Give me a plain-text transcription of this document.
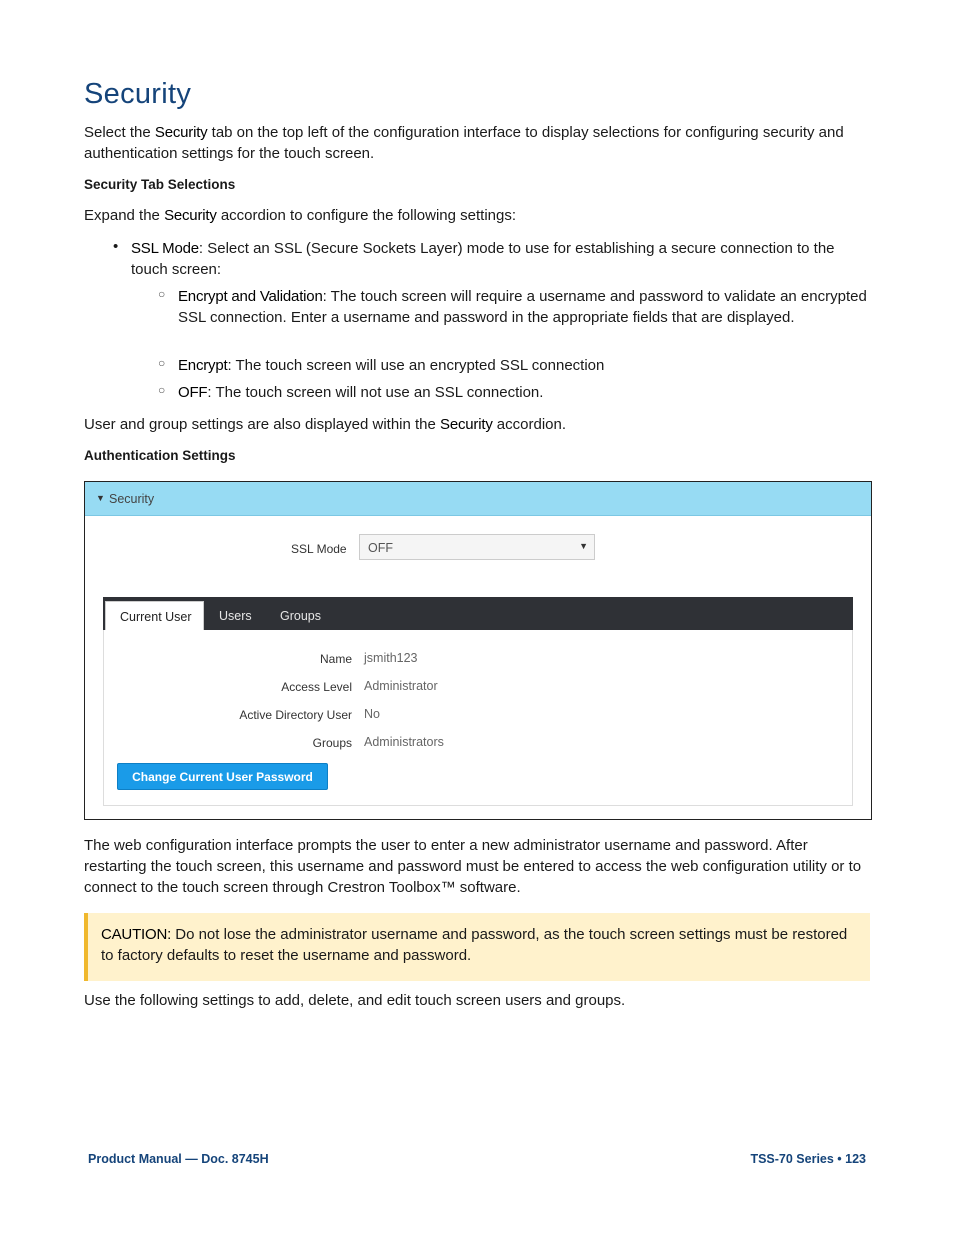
Security

Select the Security tab on the top left of the configuration interface to display selections for configuring security and authentication settings for the touch screen.

Security Tab Selections

Expand the Security accordion to configure the following settings:

• SSL Mode: Select an SSL (Secure Sockets Layer) mode to use for establishing a secure connection to the touch screen:

○ Encrypt and Validation: The touch screen will require a username and password to validate an encrypted SSL connection. Enter a username and password in the appropriate fields that are displayed.

○ Encrypt: The touch screen will use an encrypted SSL connection

○ OFF: The touch screen will not use an SSL connection.

User and group settings are also displayed within the Security accordion.

Authentication Settings
▼ Security
SSL Mode OFF	▼
Current User Users Groups
Name jsmith123
Access Level Administrator
Active Directory User No
Groups Administrators
Change Current User Password

The web configuration interface prompts the user to enter a new administrator username and password. After restarting the touch screen, this username and password must be entered to access the web configuration utility or to connect to the touch screen through Crestron Toolbox™ software.

CAUTION: Do not lose the administrator username and password, as the touch screen settings must be restored to factory defaults to reset the username and password.

Use the following settings to add, delete, and edit touch screen users and groups.

Product Manual — Doc. 8745H	TSS-70 Series • 123
